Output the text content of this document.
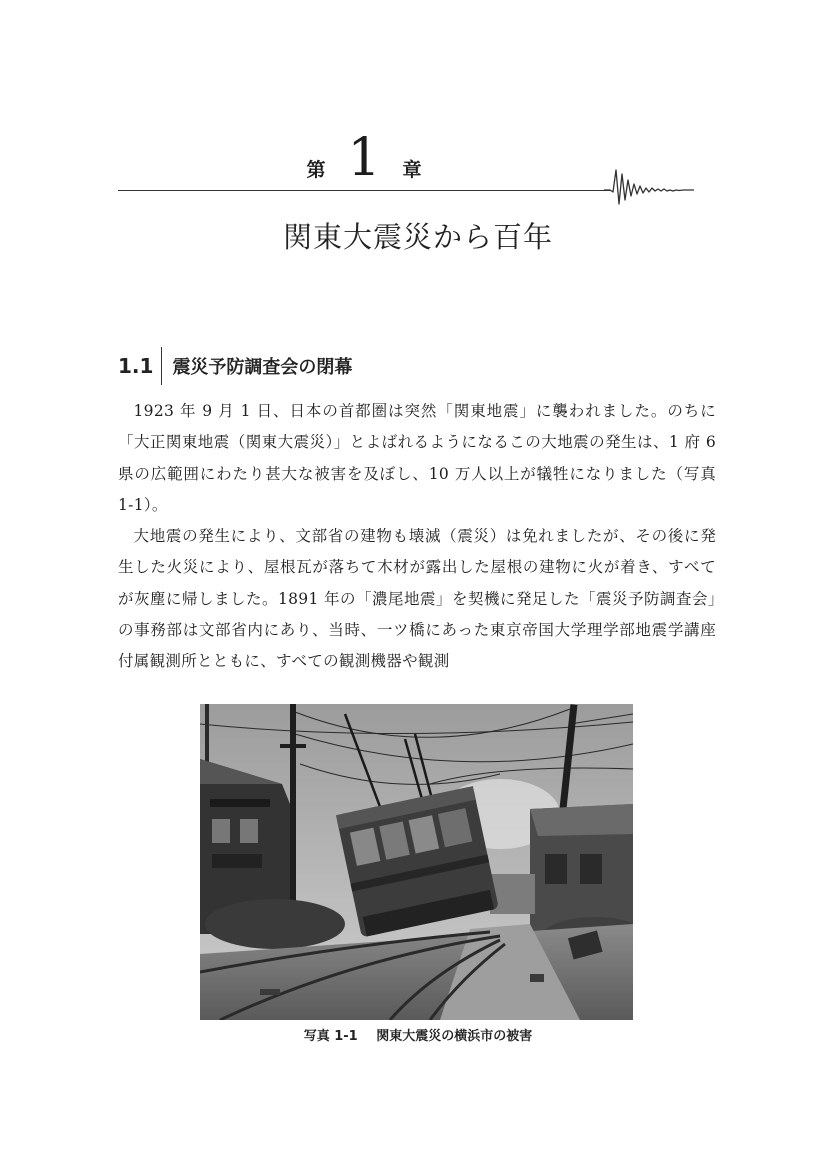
第 1 章
関東大震災から百年
1.1	震災予防調査会の閉幕

1923 年 9 月 1 日、日本の首都圏は突然「関東地震」に襲われました。のちに「大正関東地震（関東大震災）」とよばれるようになるこの大地震の発生は、1 府 6 県の広範囲にわたり甚大な被害を及ぼし、10 万人以上が犠牲になりました（写真 1-1）。

大地震の発生により、文部省の建物も壊滅（震災）は免れましたが、その後に発生した火災により、屋根瓦が落ちて木材が露出した屋根の建物に火が着き、すべてが灰塵に帰しました。1891 年の「濃尾地震」を契機に発足した「震災予防調査会」の事務部は文部省内にあり、当時、一ツ橋にあった東京帝国大学理学部地震学講座付属観測所とともに、すべての観測機器や観測

写真 1-1 関東大震災の横浜市の被害
